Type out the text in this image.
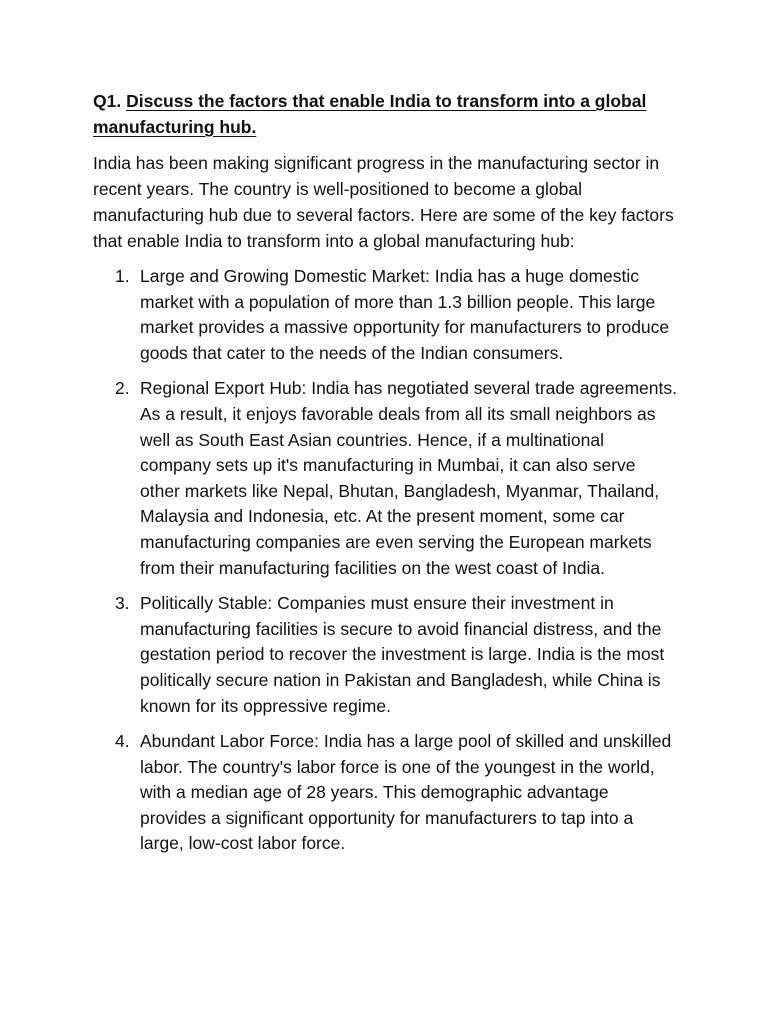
Q1. Discuss the factors that enable India to transform into a global manufacturing hub.

India has been making significant progress in the manufacturing sector in recent years. The country is well-positioned to become a global manufacturing hub due to several factors. Here are some of the key factors that enable India to transform into a global manufacturing hub:

1. Large and Growing Domestic Market: India has a huge domestic market with a population of more than 1.3 billion people. This large market provides a massive opportunity for manufacturers to produce goods that cater to the needs of the Indian consumers.
2. Regional Export Hub: India has negotiated several trade agreements. As a result, it enjoys favorable deals from all its small neighbors as well as South East Asian countries. Hence, if a multinational company sets up it's manufacturing in Mumbai, it can also serve other markets like Nepal, Bhutan, Bangladesh, Myanmar, Thailand, Malaysia and Indonesia, etc. At the present moment, some car manufacturing companies are even serving the European markets from their manufacturing facilities on the west coast of India.
3. Politically Stable: Companies must ensure their investment in manufacturing facilities is secure to avoid financial distress, and the gestation period to recover the investment is large. India is the most politically secure nation in Pakistan and Bangladesh, while China is known for its oppressive regime.
4. Abundant Labor Force: India has a large pool of skilled and unskilled labor. The country's labor force is one of the youngest in the world, with a median age of 28 years. This demographic advantage provides a significant opportunity for manufacturers to tap into a large, low-cost labor force.
